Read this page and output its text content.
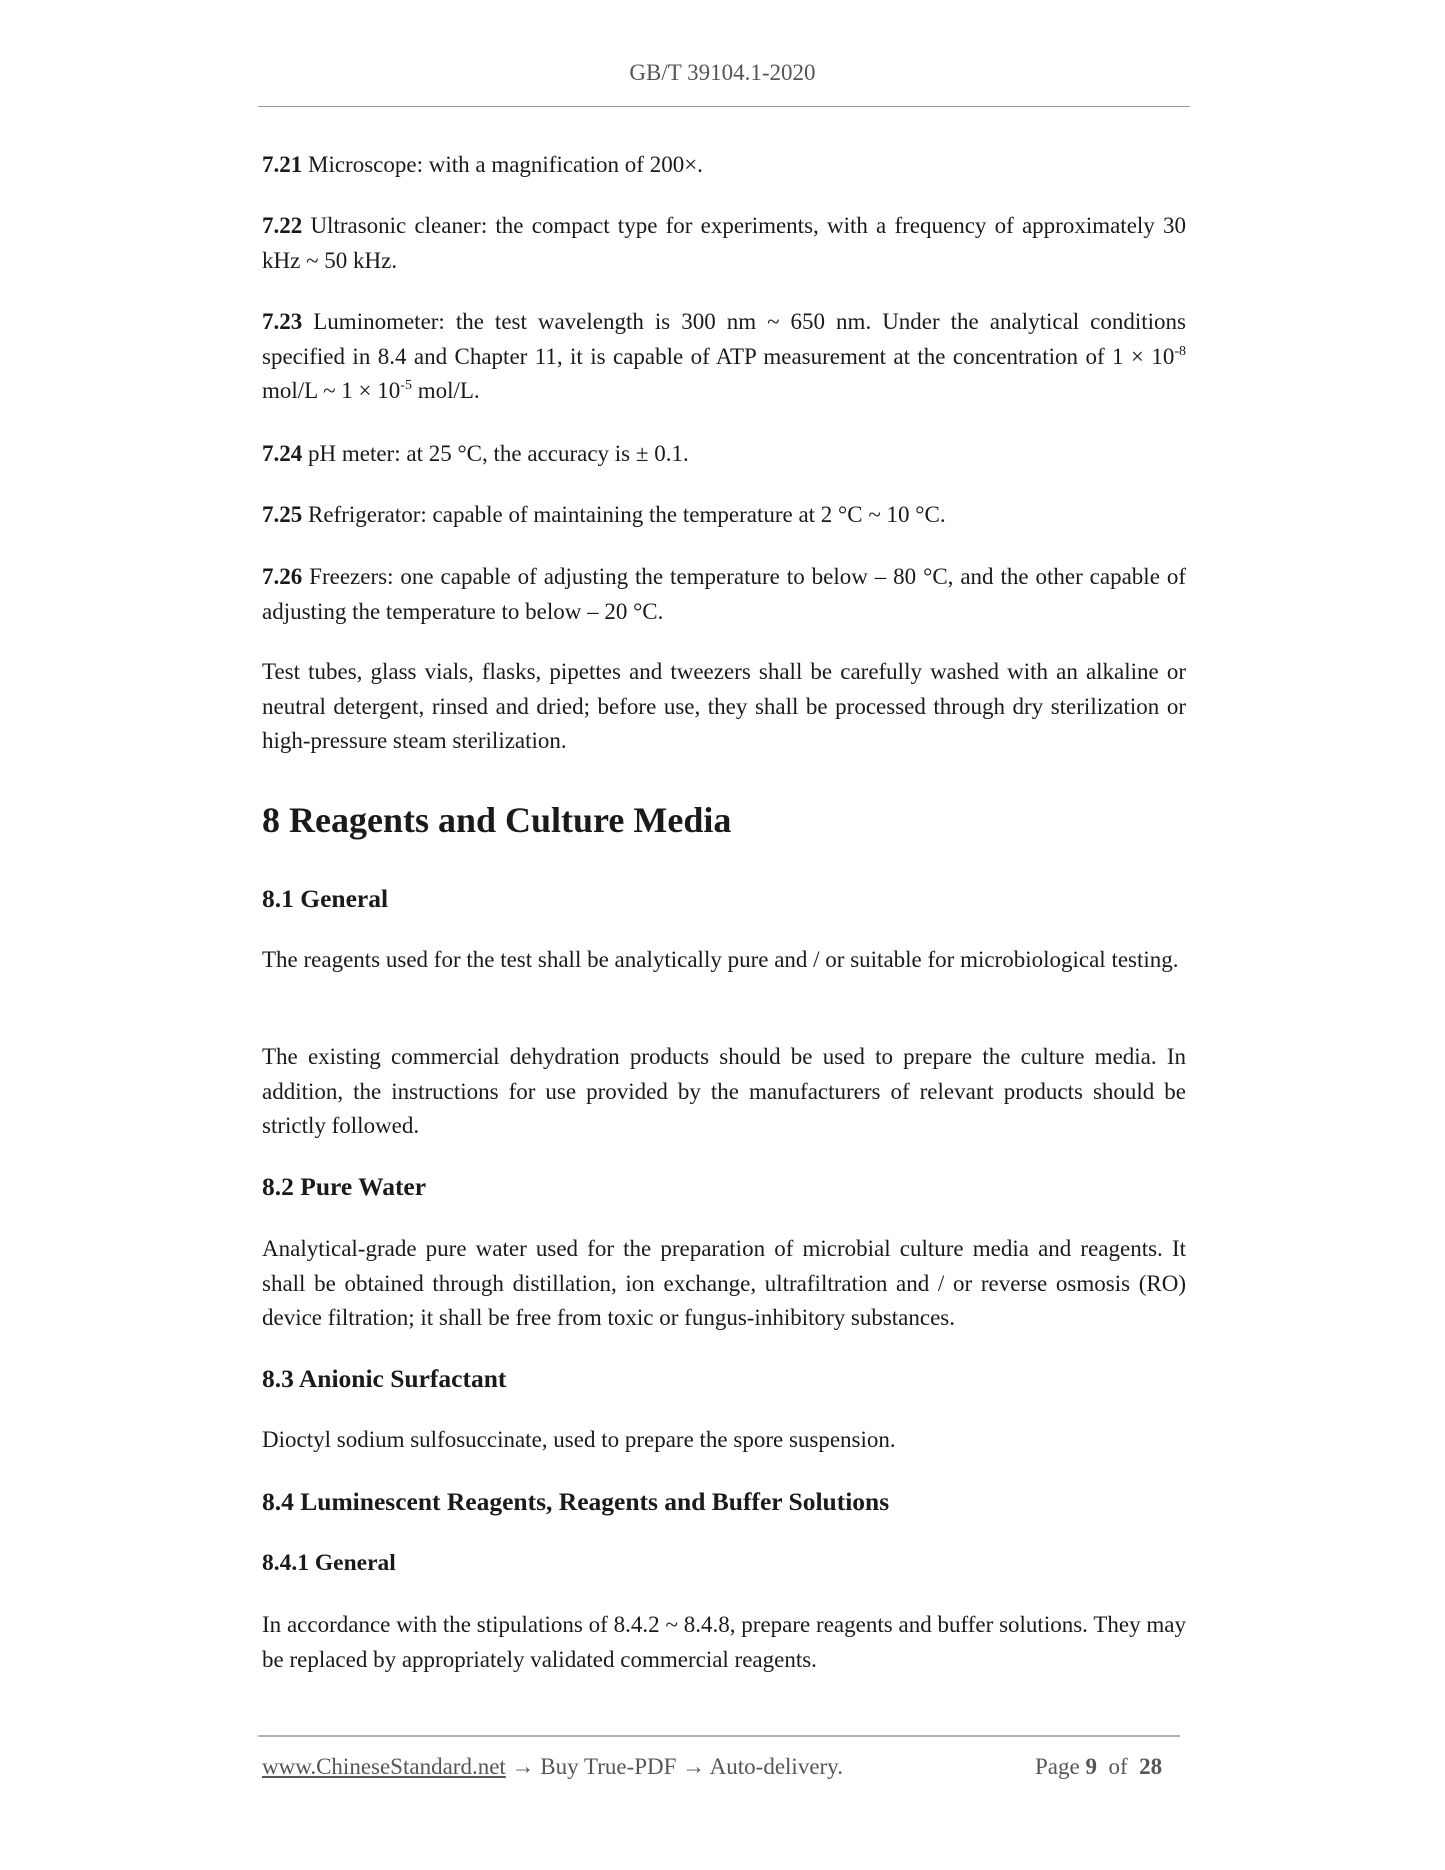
GB/T 39104.1-2020
7.21 Microscope: with a magnification of 200×.
7.22 Ultrasonic cleaner: the compact type for experiments, with a frequency of approximately 30 kHz ~ 50 kHz.
7.23 Luminometer: the test wavelength is 300 nm ~ 650 nm. Under the analytical conditions specified in 8.4 and Chapter 11, it is capable of ATP measurement at the concentration of $1 \times 10^{-8}$ mol/L ~ $1 \times 10^{-5}$ mol/L.
7.24 pH meter: at 25 °C, the accuracy is ± 0.1.
7.25 Refrigerator: capable of maintaining the temperature at 2 °C ~ 10 °C.
7.26 Freezers: one capable of adjusting the temperature to below – 80 °C, and the other capable of adjusting the temperature to below – 20 °C.
Test tubes, glass vials, flasks, pipettes and tweezers shall be carefully washed with an alkaline or neutral detergent, rinsed and dried; before use, they shall be processed through dry sterilization or high-pressure steam sterilization.
8 Reagents and Culture Media
8.1 General
The reagents used for the test shall be analytically pure and / or suitable for microbiological testing.
The existing commercial dehydration products should be used to prepare the culture media. In addition, the instructions for use provided by the manufacturers of relevant products should be strictly followed.
8.2 Pure Water
Analytical-grade pure water used for the preparation of microbial culture media and reagents. It shall be obtained through distillation, ion exchange, ultrafiltration and / or reverse osmosis (RO) device filtration; it shall be free from toxic or fungus-inhibitory substances.
8.3 Anionic Surfactant
Dioctyl sodium sulfosuccinate, used to prepare the spore suspension.
8.4 Luminescent Reagents, Reagents and Buffer Solutions
8.4.1 General
In accordance with the stipulations of 8.4.2 ~ 8.4.8, prepare reagents and buffer solutions. They may be replaced by appropriately validated commercial reagents.
www.ChineseStandard.net → Buy True-PDF → Auto-delivery.	Page 9 of 28
